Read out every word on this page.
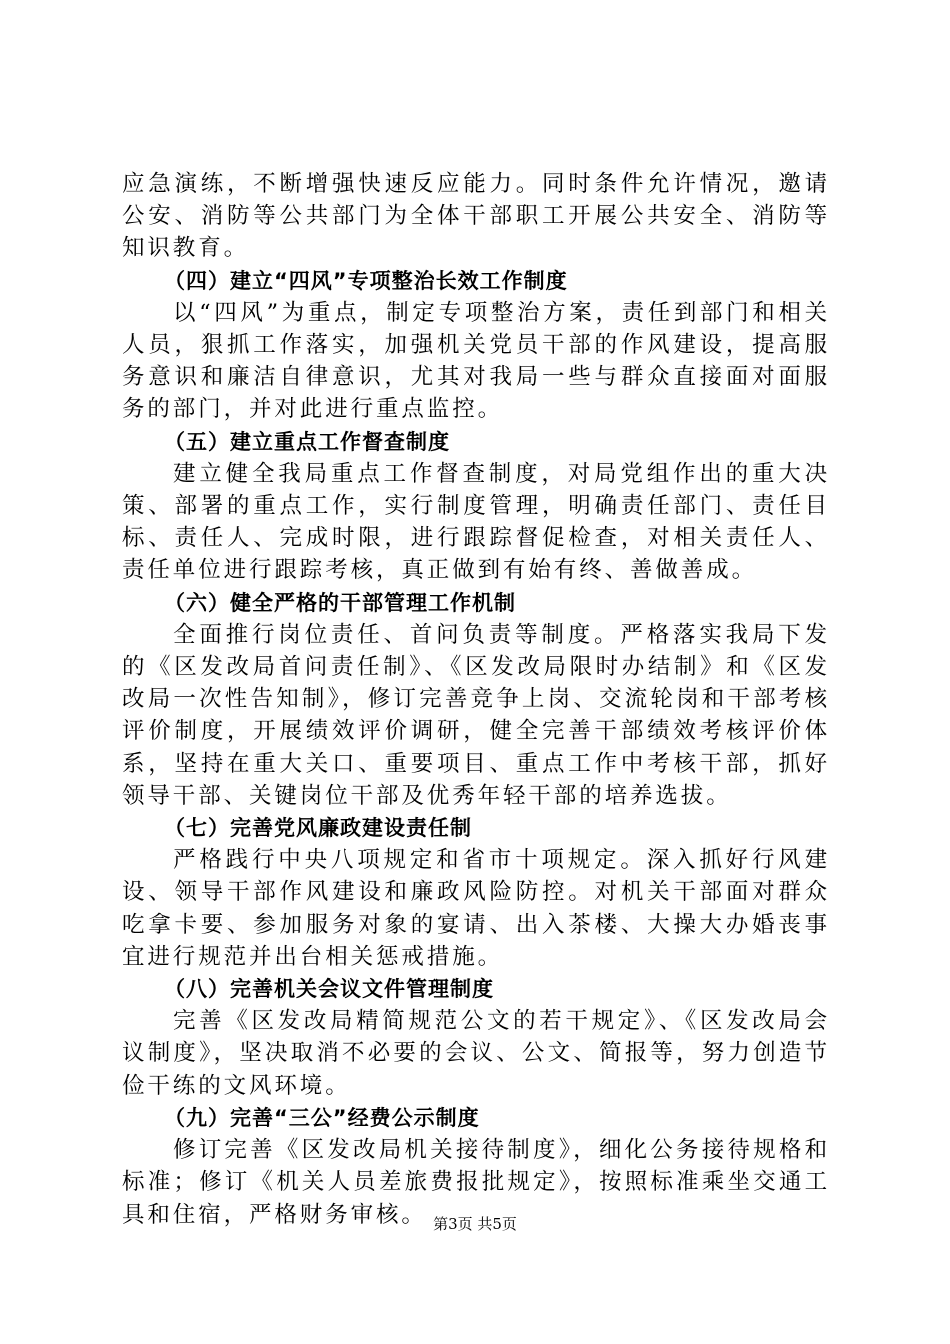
应急演练，不断增强快速反应能力。同时条件允许情况，邀请公安、消防等公共部门为全体干部职工开展公共安全、消防等知识教育。

（四）建立“四风”专项整治长效工作制度

以“四风”为重点，制定专项整治方案，责任到部门和相关人员，狠抓工作落实，加强机关党员干部的作风建设，提高服务意识和廉洁自律意识，尤其对我局一些与群众直接面对面服务的部门，并对此进行重点监控。

（五）建立重点工作督查制度

建立健全我局重点工作督查制度，对局党组作出的重大决策、部署的重点工作，实行制度管理，明确责任部门、责任目标、责任人、完成时限，进行跟踪督促检查，对相关责任人、责任单位进行跟踪考核，真正做到有始有终、善做善成。

（六）健全严格的干部管理工作机制

全面推行岗位责任、首问负责等制度。严格落实我局下发的《区发改局首问责任制》、《区发改局限时办结制》和《区发改局一次性告知制》，修订完善竞争上岗、交流轮岗和干部考核评价制度，开展绩效评价调研，健全完善干部绩效考核评价体系，坚持在重大关口、重要项目、重点工作中考核干部，抓好领导干部、关键岗位干部及优秀年轻干部的培养选拔。

（七）完善党风廉政建设责任制

严格践行中央八项规定和省市十项规定。深入抓好行风建设、领导干部作风建设和廉政风险防控。对机关干部面对群众吃拿卡要、参加服务对象的宴请、出入茶楼、大操大办婚丧事宜进行规范并出台相关惩戒措施。

（八）完善机关会议文件管理制度

完善《区发改局精简规范公文的若干规定》、《区发改局会议制度》，坚决取消不必要的会议、公文、简报等，努力创造节俭干练的文风环境。

（九）完善“三公”经费公示制度

修订完善《区发改局机关接待制度》，细化公务接待规格和标准；修订《机关人员差旅费报批规定》，按照标准乘坐交通工具和住宿，严格财务审核。 第3页 共5页
